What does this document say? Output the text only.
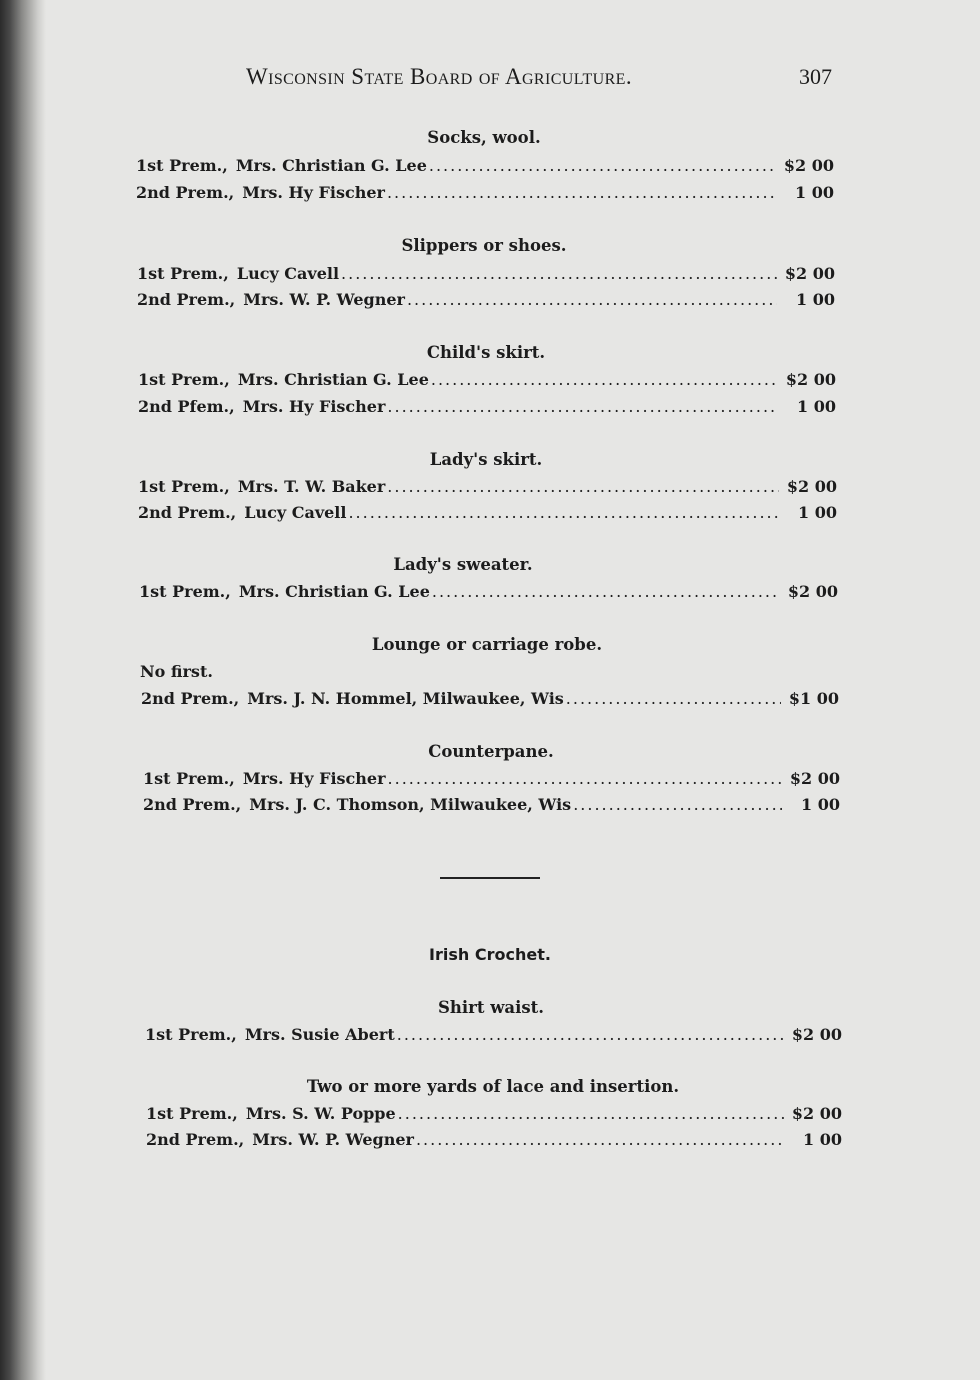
Wisconsin State Board of Agriculture.	307
Socks, wool.
1st Prem., Mrs. Christian G. Lee .....	$2 00
2nd Prem., Mrs. Hy Fischer .....	1 00
Slippers or shoes.
1st Prem., Lucy Cavell .....	$2 00
2nd Prem., Mrs. W. P. Wegner .....	1 00
Child's skirt.
1st Prem., Mrs. Christian G. Lee .....	$2 00
2nd Pfem., Mrs. Hy Fischer .....	1 00
Lady's skirt.
1st Prem., Mrs. T. W. Baker .....	$2 00
2nd Prem., Lucy Cavell .....	1 00
Lady's sweater.
1st Prem., Mrs. Christian G. Lee .....	$2 00
Lounge or carriage robe.
No first.
2nd Prem., Mrs. J. N. Hommel, Milwaukee, Wis .....	$1 00
Counterpane.
1st Prem., Mrs. Hy Fischer .....	$2 00
2nd Prem., Mrs. J. C. Thomson, Milwaukee, Wis .....	1 00
Irish Crochet.
Shirt waist.
1st Prem., Mrs. Susie Abert .....	$2 00
Two or more yards of lace and insertion.
1st Prem., Mrs. S. W. Poppe .....	$2 00
2nd Prem., Mrs. W. P. Wegner .....	1 00
